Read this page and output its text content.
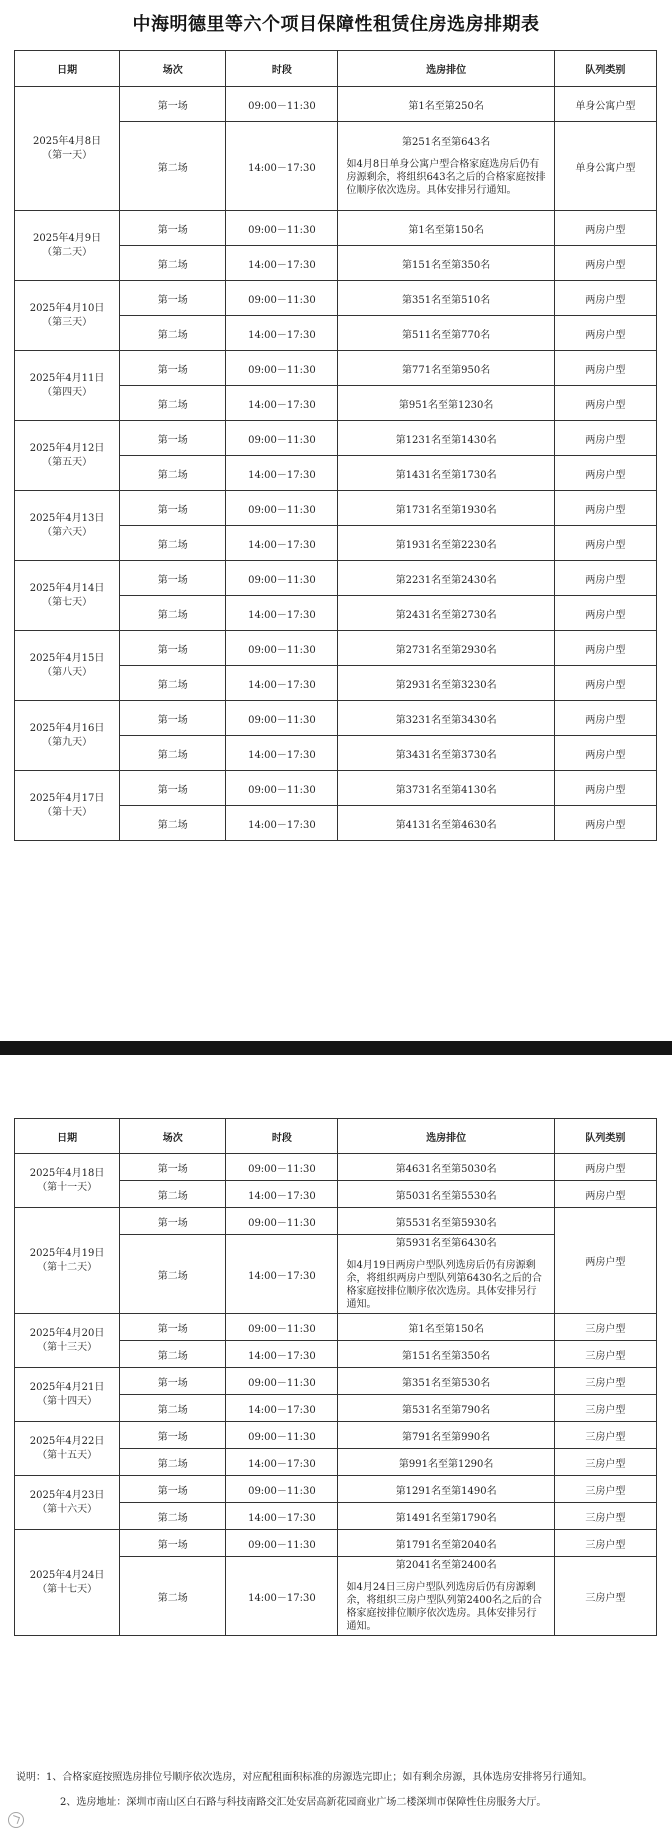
中海明德里等六个项目保障性租赁住房选房排期表
日期	场次	时段	选房排位	队列类别

2025年4月8日
（第一天）	第一场	09:00－11:30	第1名至第250名	单身公寓户型
	第二场	14:00－17:30	第251名至第643名
如4月8日单身公寓户型合格家庭选房后仍有房源剩余，将组织643名之后的合格家庭按排位顺序依次选房。具体安排另行通知。	单身公寓户型

2025年4月9日
（第二天）	第一场	09:00－11:30	第1名至第150名	两房户型
	第二场	14:00－17:30	第151名至第350名	两房户型

2025年4月10日
（第三天）	第一场	09:00－11:30	第351名至第510名	两房户型
	第二场	14:00－17:30	第511名至第770名	两房户型

2025年4月11日
（第四天）	第一场	09:00－11:30	第771名至第950名	两房户型
	第二场	14:00－17:30	第951名至第1230名	两房户型

2025年4月12日
（第五天）	第一场	09:00－11:30	第1231名至第1430名	两房户型
	第二场	14:00－17:30	第1431名至第1730名	两房户型

2025年4月13日
（第六天）	第一场	09:00－11:30	第1731名至第1930名	两房户型
	第二场	14:00－17:30	第1931名至第2230名	两房户型

2025年4月14日
（第七天）	第一场	09:00－11:30	第2231名至第2430名	两房户型
	第二场	14:00－17:30	第2431名至第2730名	两房户型

2025年4月15日
（第八天）	第一场	09:00－11:30	第2731名至第2930名	两房户型
	第二场	14:00－17:30	第2931名至第3230名	两房户型

2025年4月16日
（第九天）	第一场	09:00－11:30	第3231名至第3430名	两房户型
	第二场	14:00－17:30	第3431名至第3730名	两房户型

2025年4月17日
（第十天）	第一场	09:00－11:30	第3731名至第4130名	两房户型
	第二场	14:00－17:30	第4131名至第4630名	两房户型
日期	场次	时段	选房排位	队列类别

2025年4月18日
（第十一天）	第一场	09:00－11:30	第4631名至第5030名	两房户型
	第二场	14:00－17:30	第5031名至第5530名	两房户型

2025年4月19日
（第十二天）	第一场	09:00－11:30	第5531名至第5930名	两房户型
	第二场	14:00－17:30	第5931名至第6430名
如4月19日两房户型队列选房后仍有房源剩余，将组织两房户型队列第6430名之后的合格家庭按排位顺序依次选房。具体安排另行通知。	

2025年4月20日
（第十三天）	第一场	09:00－11:30	第1名至第150名	三房户型
	第二场	14:00－17:30	第151名至第350名	三房户型

2025年4月21日
（第十四天）	第一场	09:00－11:30	第351名至第530名	三房户型
	第二场	14:00－17:30	第531名至第790名	三房户型

2025年4月22日
（第十五天）	第一场	09:00－11:30	第791名至第990名	三房户型
	第二场	14:00－17:30	第991名至第1290名	三房户型

2025年4月23日
（第十六天）	第一场	09:00－11:30	第1291名至第1490名	三房户型
	第二场	14:00－17:30	第1491名至第1790名	三房户型

2025年4月24日
（第十七天）	第一场	09:00－11:30	第1791名至第2040名	三房户型
	第二场	14:00－17:30	第2041名至第2400名
如4月24日三房户型队列选房后仍有房源剩余，将组织三房户型队列第2400名之后的合格家庭按排位顺序依次选房。具体安排另行通知。	三房户型
说明：1、合格家庭按照选房排位号顺序依次选房，对应配租面积标准的房源选完即止；如有剩余房源，具体选房安排将另行通知。
2、选房地址：深圳市南山区白石路与科技南路交汇处安居高新花园商业广场二楼深圳市保障性住房服务大厅。
